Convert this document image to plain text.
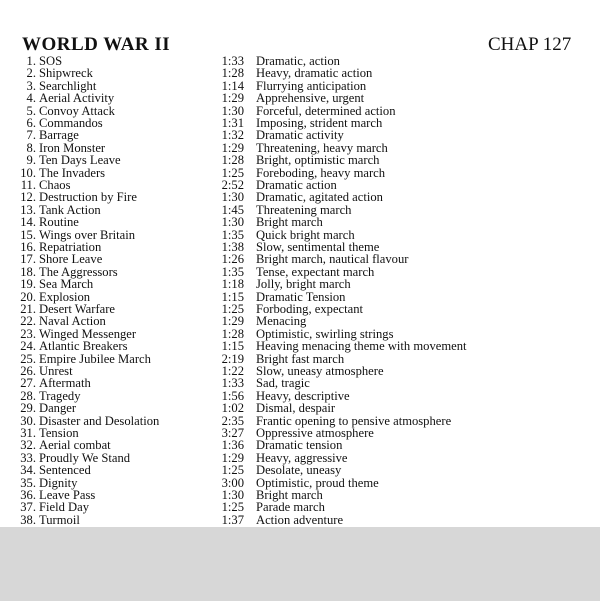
WORLD WAR II	CHAP 127
1. SOS	1:33 Dramatic, action
2. Shipwreck	1:28 Heavy, dramatic action
3. Searchlight	1:14 Flurrying anticipation
4. Aerial Activity	1:29 Apprehensive, urgent
5. Convoy Attack	1:30 Forceful, determined action
6. Commandos	1:31 Imposing, strident march
7. Barrage	1:32 Dramatic activity
8. Iron Monster	1:29 Threatening, heavy march
9. Ten Days Leave	1:28 Bright, optimistic march
10. The Invaders	1:25 Foreboding, heavy march
11. Chaos	2:52 Dramatic action
12. Destruction by Fire	1:30 Dramatic, agitated action
13. Tank Action	1:45 Threatening march
14. Routine	1:30 Bright march
15. Wings over Britain	1:35 Quick bright march
16. Repatriation	1:38 Slow, sentimental theme
17. Shore Leave	1:26 Bright march, nautical flavour
18. The Aggressors	1:35 Tense, expectant march
19. Sea March	1:18 Jolly, bright march
20. Explosion	1:15 Dramatic Tension
21. Desert Warfare	1:25 Forboding, expectant
22. Naval Action	1:29 Menacing
23. Winged Messenger	1:28 Optimistic, swirling strings
24. Atlantic Breakers	1:15 Heaving menacing theme with movement
25. Empire Jubilee March	2:19 Bright fast march
26. Unrest	1:22 Slow, uneasy atmosphere
27. Aftermath	1:33 Sad, tragic
28. Tragedy	1:56 Heavy, descriptive
29. Danger	1:02 Dismal, despair
30. Disaster and Desolation	2:35 Frantic opening to pensive atmosphere
31. Tension	3:27 Oppressive atmosphere
32. Aerial combat	1:36 Dramatic tension
33. Proudly We Stand	1:29 Heavy, aggressive
34. Sentenced	1:25 Desolate, uneasy
35. Dignity	3:00 Optimistic, proud theme
36. Leave Pass	1:30 Bright march
37. Field Day	1:25 Parade march
38. Turmoil	1:37 Action adventure
